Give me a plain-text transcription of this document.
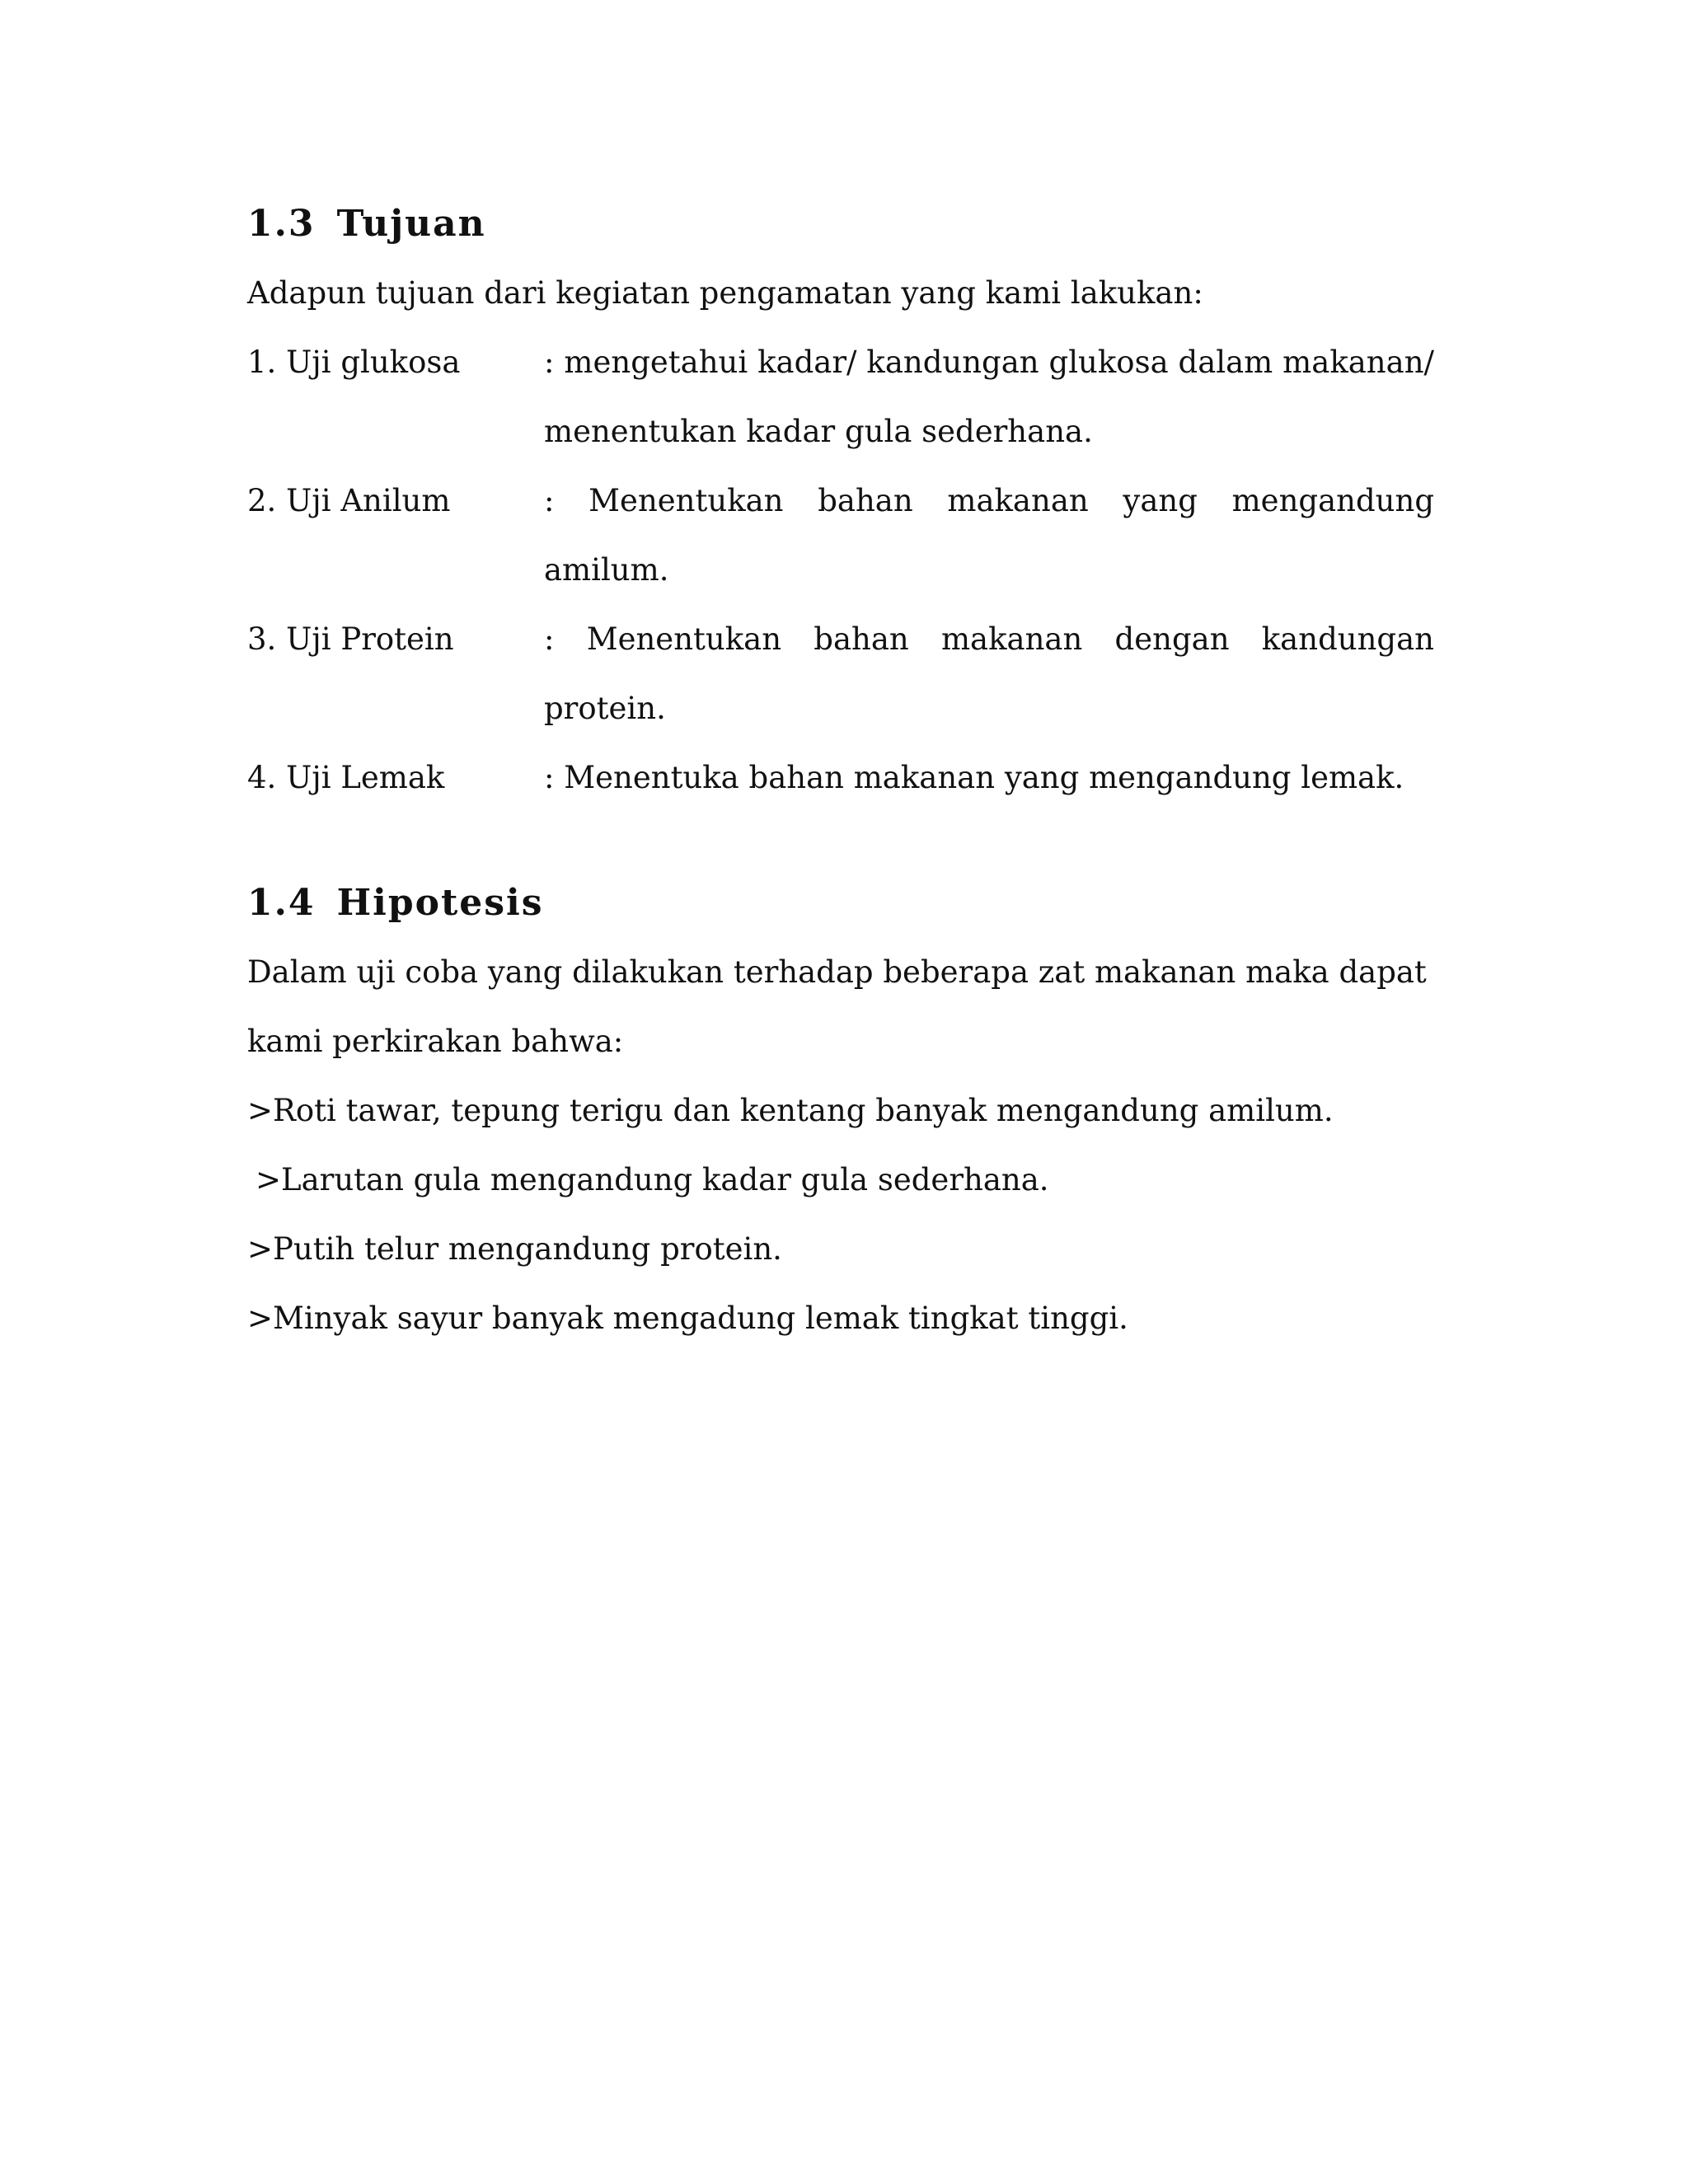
1.3 Tujuan

Adapun tujuan dari kegiatan pengamatan yang kami lakukan:

1. Uji glukosa	: mengetahui kadar/ kandungan glukosa dalam makanan/ menentukan kadar gula sederhana.
2. Uji Anilum	: Menentukan bahan makanan yang mengandung amilum.
3. Uji Protein	: Menentukan bahan makanan dengan kandungan protein.
4. Uji Lemak	: Menentuka bahan makanan yang mengandung lemak.
1.4 Hipotesis

Dalam uji coba yang dilakukan terhadap beberapa zat makanan maka dapat kami perkirakan bahwa:

>Roti tawar, tepung terigu dan kentang banyak mengandung amilum.

>Larutan gula mengandung kadar gula sederhana.

>Putih telur mengandung protein.

>Minyak sayur banyak mengadung lemak tingkat tinggi.
